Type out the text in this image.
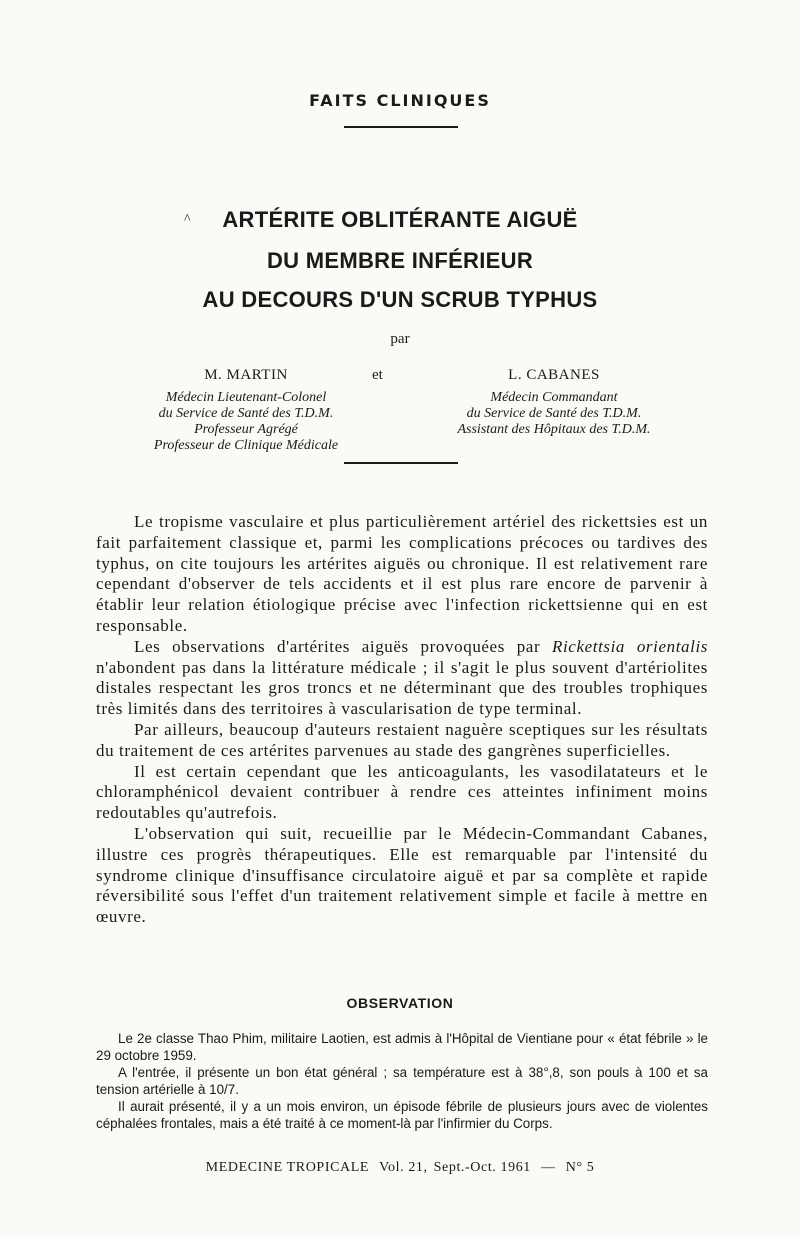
FAITS CLINIQUES
^	ARTÉRITE OBLITÉRANTE AIGUË
DU MEMBRE INFÉRIEUR
AU DECOURS D'UN SCRUB TYPHUS
par
M. MARTIN
Médecin Lieutenant-Colonel
du Service de Santé des T.D.M.
Professeur Agrégé
Professeur de Clinique Médicale
et	L. CABANES
Médecin Commandant
du Service de Santé des T.D.M.
Assistant des Hôpitaux des T.D.M.

Le tropisme vasculaire et plus particulièrement artériel des rickettsies est un fait parfaitement classique et, parmi les complications précoces ou tardives des typhus, on cite toujours les artérites aiguës ou chronique. Il est relativement rare cependant d'observer de tels accidents et il est plus rare encore de parvenir à établir leur relation étiologique précise avec l'infection rickettsienne qui en est responsable.

Les observations d'artérites aiguës provoquées par Rickettsia orientalis n'abondent pas dans la littérature médicale ; il s'agit le plus souvent d'artériolites distales respectant les gros troncs et ne déterminant que des troubles trophiques très limités dans des territoires à vascularisation de type terminal.

Par ailleurs, beaucoup d'auteurs restaient naguère sceptiques sur les résultats du traitement de ces artérites parvenues au stade des gangrènes superficielles.

Il est certain cependant que les anticoagulants, les vasodilatateurs et le chloramphénicol devaient contribuer à rendre ces atteintes infiniment moins redoutables qu'autrefois.

L'observation qui suit, recueillie par le Médecin-Commandant Cabanes, illustre ces progrès thérapeutiques. Elle est remarquable par l'intensité du syndrome clinique d'insuffisance circulatoire aiguë et par sa complète et rapide réversibilité sous l'effet d'un traitement relativement simple et facile à mettre en œuvre.

OBSERVATION

Le 2e classe Thao Phim, militaire Laotien, est admis à l'Hôpital de Vientiane pour « état fébrile » le 29 octobre 1959.

A l'entrée, il présente un bon état général ; sa température est à 38°,8, son pouls à 100 et sa tension artérielle à 10/7.

Il aurait présenté, il y a un mois environ, un épisode fébrile de plusieurs jours avec de violentes céphalées frontales, mais a été traité à ce moment-là par l'infirmier du Corps.

MEDECINE TROPICALE Vol. 21, Sept.-Oct. 1961 — N° 5
